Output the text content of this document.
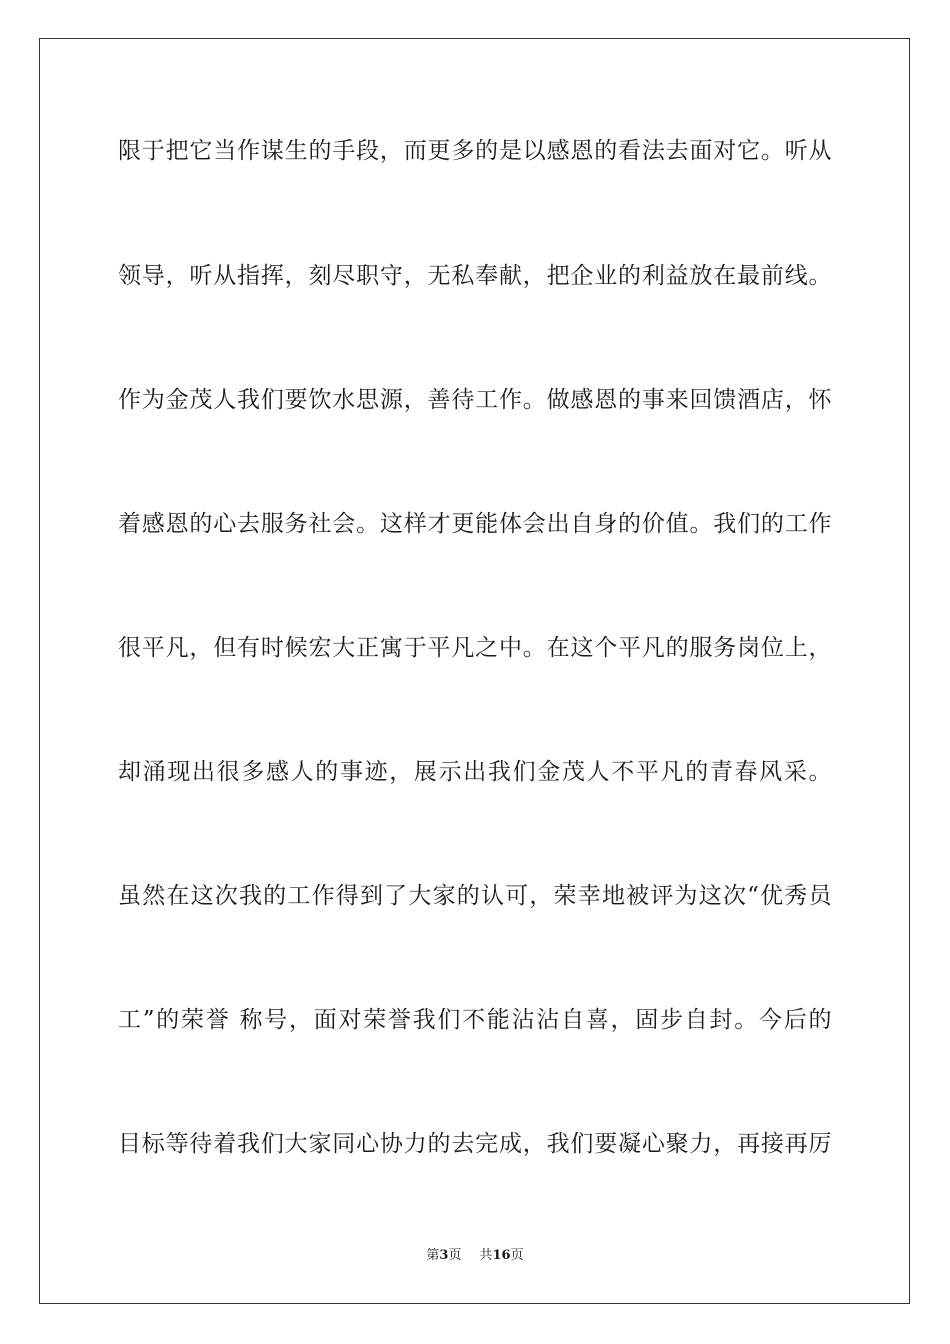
限于把它当作谋生的手段，而更多的是以感恩的看法去面对它。听从
领导，听从指挥，刻尽职守，无私奉献，把企业的利益放在最前线。
作为金茂人我们要饮水思源，善待工作。做感恩的事来回馈酒店，怀
着感恩的心去服务社会。这样才更能体会出自身的价值。我们的工作
很平凡，但有时候宏大正寓于平凡之中。在这个平凡的服务岗位上，
却涌现出很多感人的事迹，展示出我们金茂人不平凡的青春风采。
虽然在这次我的工作得到了大家的认可，荣幸地被评为这次“优秀员
工”的荣誉 称号，面对荣誉我们不能沾沾自喜，固步自封。今后的
目标等待着我们大家同心协力的去完成，我们要凝心聚力，再接再厉
第3页 共16页
